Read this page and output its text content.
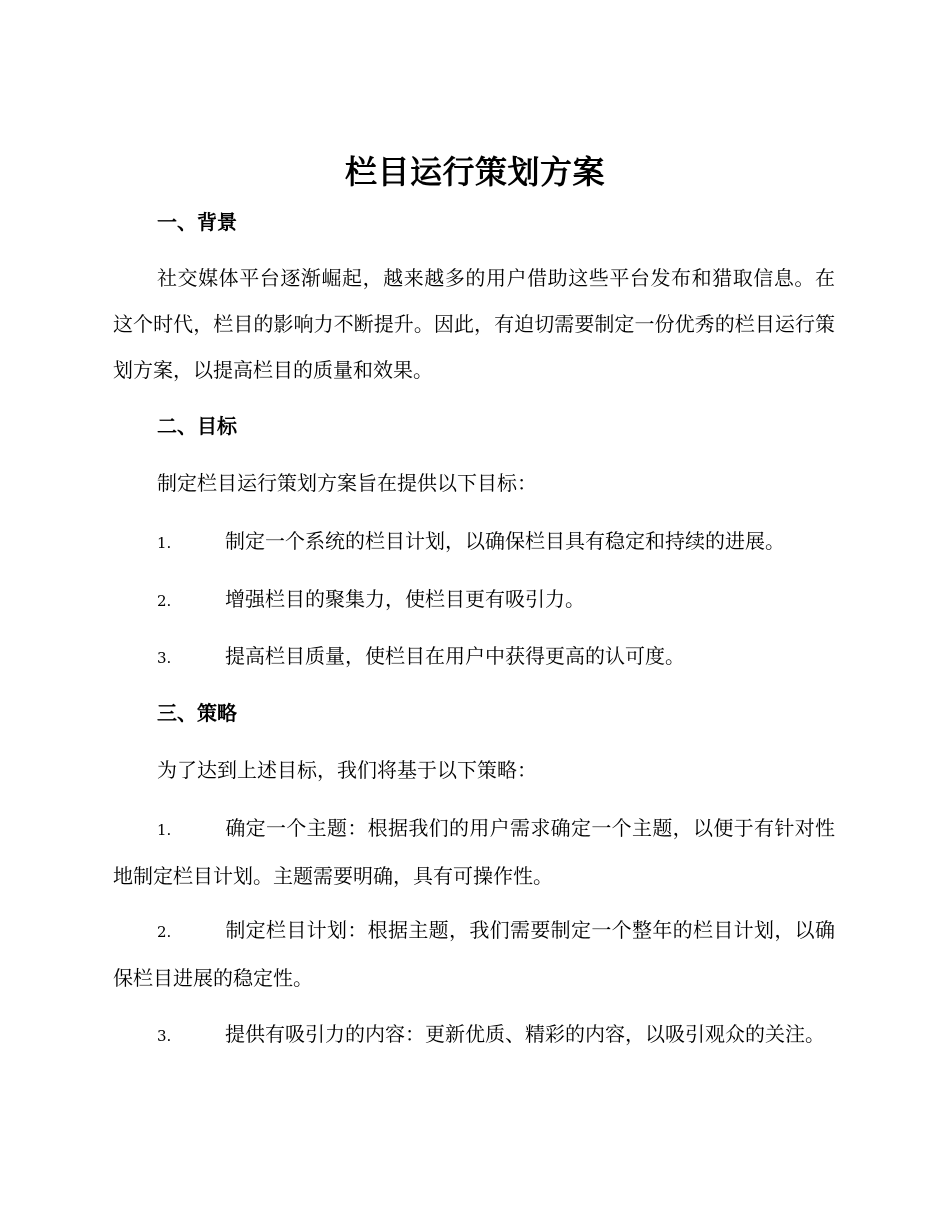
栏目运行策划方案
一、背景
社交媒体平台逐渐崛起，越来越多的用户借助这些平台发布和猎取信息。在这个时代，栏目的影响力不断提升。因此，有迫切需要制定一份优秀的栏目运行策划方案，以提高栏目的质量和效果。
二、目标
制定栏目运行策划方案旨在提供以下目标：
1.	制定一个系统的栏目计划，以确保栏目具有稳定和持续的进展。
2.	增强栏目的聚集力，使栏目更有吸引力。
3.	提高栏目质量，使栏目在用户中获得更高的认可度。
三、策略
为了达到上述目标，我们将基于以下策略：
1.	确定一个主题：根据我们的用户需求确定一个主题，以便于有针对性地制定栏目计划。主题需要明确，具有可操作性。
2.	制定栏目计划：根据主题，我们需要制定一个整年的栏目计划，以确保栏目进展的稳定性。
3.	提供有吸引力的内容：更新优质、精彩的内容，以吸引观众的关注。
